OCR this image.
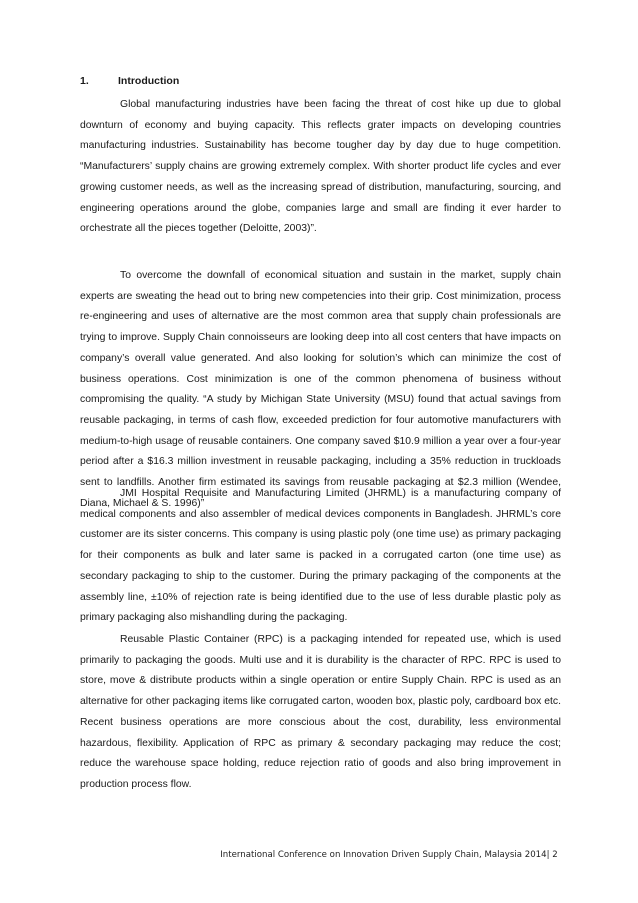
1.	Introduction

Global manufacturing industries have been facing the threat of cost hike up due to global downturn of economy and buying capacity. This reflects grater impacts on developing countries manufacturing industries. Sustainability has become tougher day by day due to huge competition. “Manufacturers’ supply chains are growing extremely complex. With shorter product life cycles and ever growing customer needs, as well as the increasing spread of distribution, manufacturing, sourcing, and engineering operations around the globe, companies large and small are finding it ever harder to orchestrate all the pieces together (Deloitte, 2003)”.

To overcome the downfall of economical situation and sustain in the market, supply chain experts are sweating the head out to bring new competencies into their grip. Cost minimization, process re-engineering and uses of alternative are the most common area that supply chain professionals are trying to improve. Supply Chain connoisseurs are looking deep into all cost centers that have impacts on company’s overall value generated. And also looking for solution’s which can minimize the cost of business operations. Cost minimization is one of the common phenomena of business without compromising the quality. “A study by Michigan State University (MSU) found that actual savings from reusable packaging, in terms of cash flow, exceeded prediction for four automotive manufacturers with medium-to-high usage of reusable containers. One company saved $10.9 million a year over a four-year period after a $16.3 million investment in reusable packaging, including a 35% reduction in truckloads sent to landfills. Another firm estimated its savings from reusable packaging at $2.3 million (Wendee, Diana, Michael & S. 1996)”

JMI Hospital Requisite and Manufacturing Limited (JHRML) is a manufacturing company of medical components and also assembler of medical devices components in Bangladesh. JHRML’s core customer are its sister concerns. This company is using plastic poly (one time use) as primary packaging for their components as bulk and later same is packed in a corrugated carton (one time use) as secondary packaging to ship to the customer. During the primary packaging of the components at the assembly line, ±10% of rejection rate is being identified due to the use of less durable plastic poly as primary packaging also mishandling during the packaging.

Reusable Plastic Container (RPC) is a packaging intended for repeated use, which is used primarily to packaging the goods. Multi use and it is durability is the character of RPC. RPC is used to store, move & distribute products within a single operation or entire Supply Chain. RPC is used as an alternative for other packaging items like corrugated carton, wooden box, plastic poly, cardboard box etc. Recent business operations are more conscious about the cost, durability, less environmental hazardous, flexibility. Application of RPC as primary & secondary packaging may reduce the cost; reduce the warehouse space holding, reduce rejection ratio of goods and also bring improvement in production process flow.

International Conference on Innovation Driven Supply Chain, Malaysia 2014| 2
